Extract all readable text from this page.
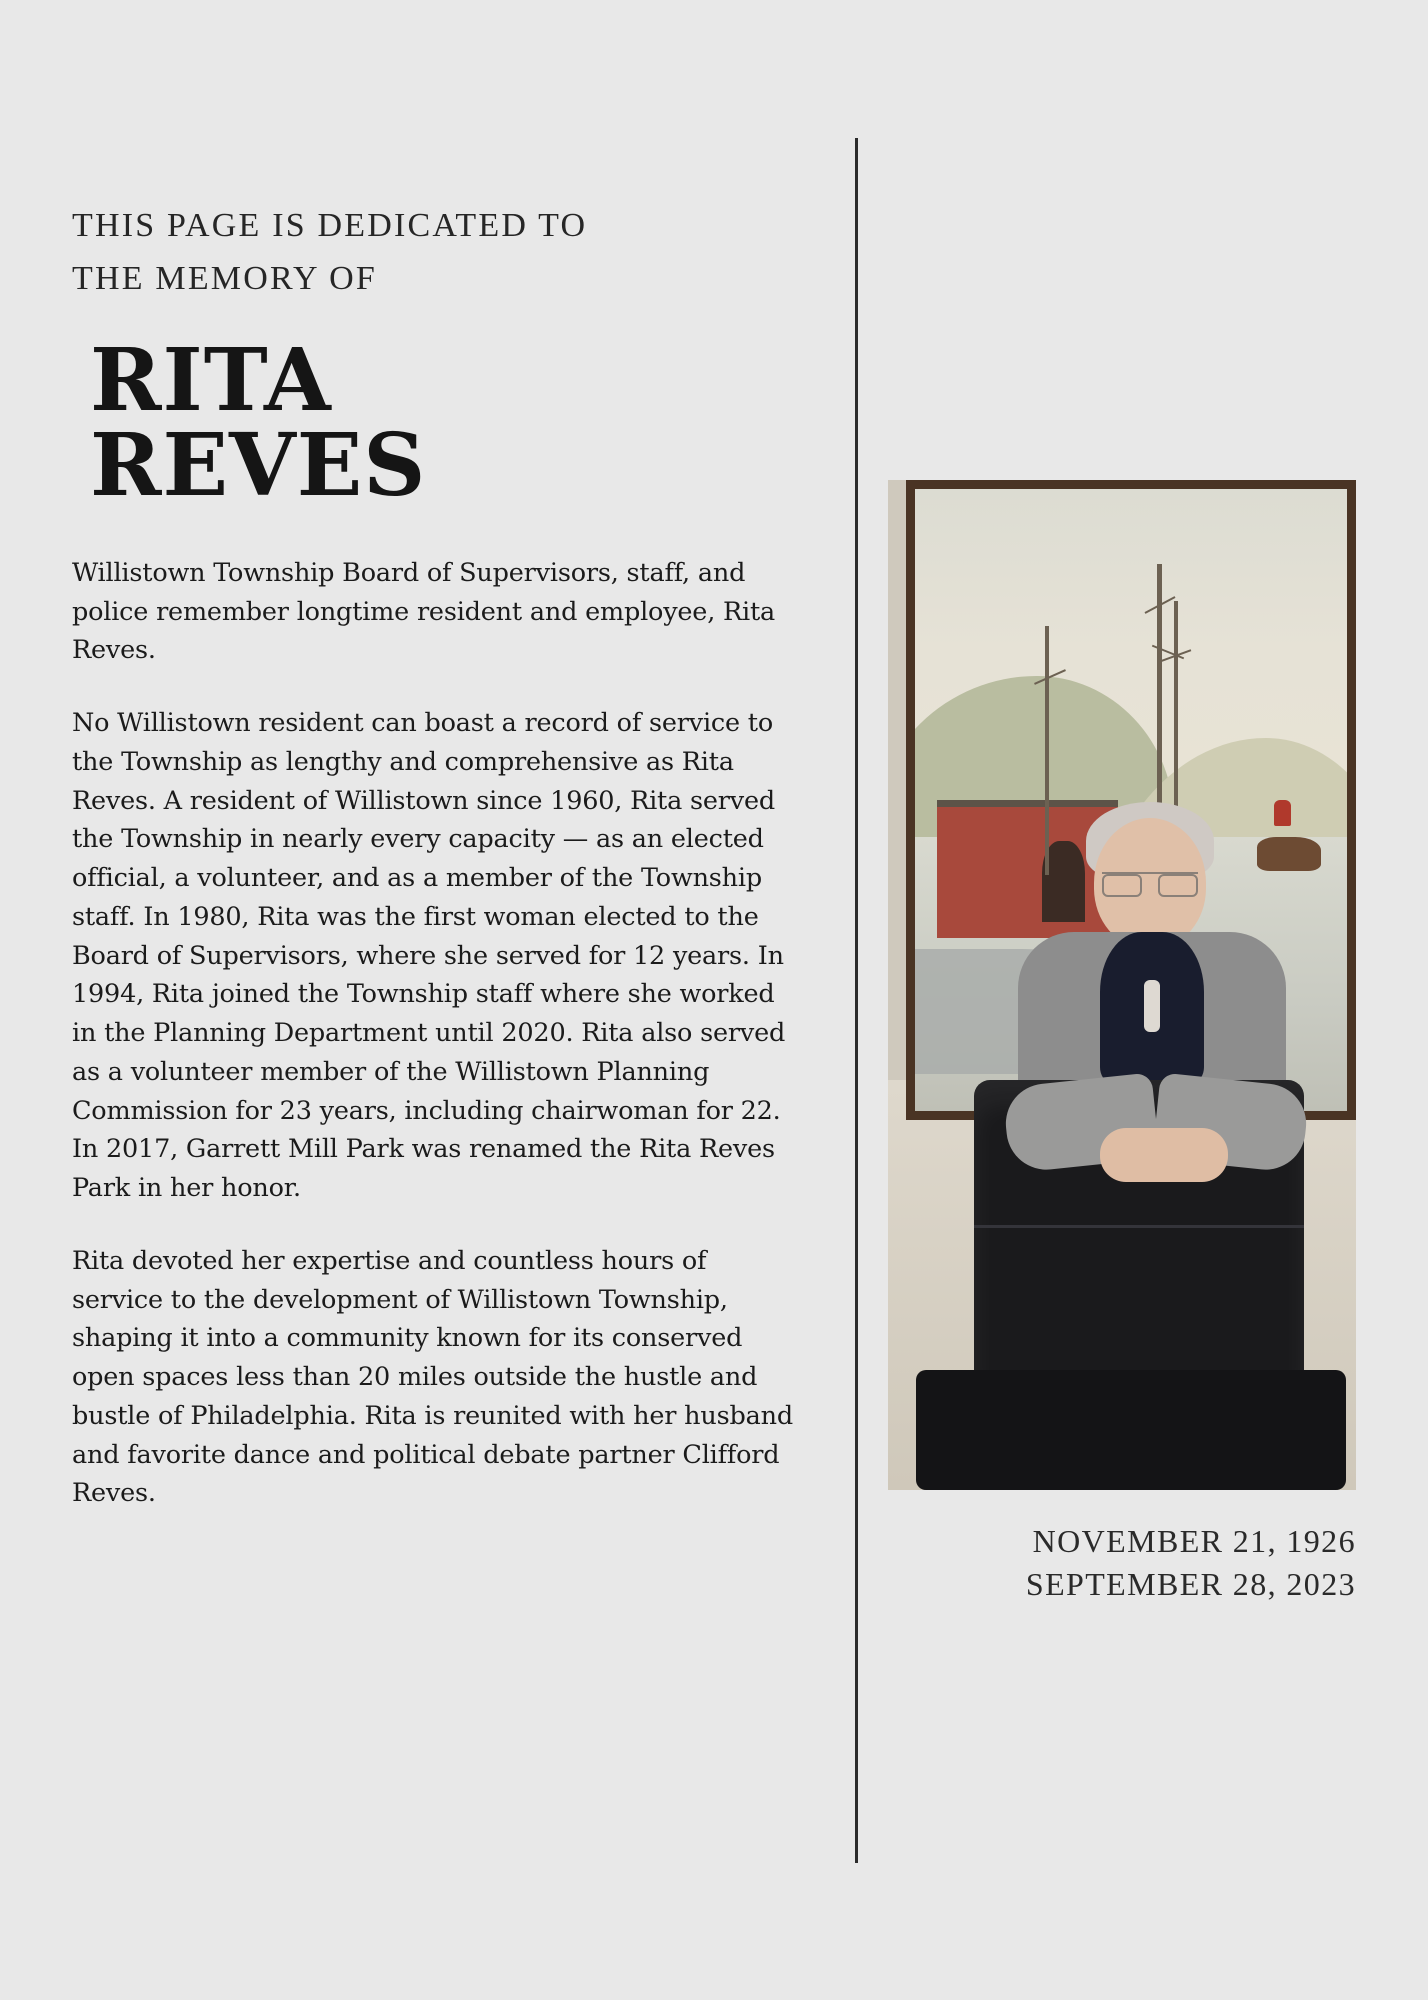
THIS PAGE IS DEDICATED TO
THE MEMORY OF
RITA
REVES

Willistown Township Board of Supervisors, staff, and police remember longtime resident and employee, Rita Reves.

No Willistown resident can boast a record of service to the Township as lengthy and comprehensive as Rita Reves. A resident of Willistown since 1960, Rita served the Township in nearly every capacity — as an elected official, a volunteer, and as a member of the Township staff. In 1980, Rita was the first woman elected to the Board of Supervisors, where she served for 12 years. In 1994, Rita joined the Township staff where she worked in the Planning Department until 2020. Rita also served as a volunteer member of the Willistown Planning Commission for 23 years, including chairwoman for 22. In 2017, Garrett Mill Park was renamed the Rita Reves Park in her honor.

Rita devoted her expertise and countless hours of service to the development of Willistown Township, shaping it into a community known for its conserved open spaces less than 20 miles outside the hustle and bustle of Philadelphia. Rita is reunited with her husband and favorite dance and political debate partner Clifford Reves.

NOVEMBER 21, 1926
SEPTEMBER 28, 2023
